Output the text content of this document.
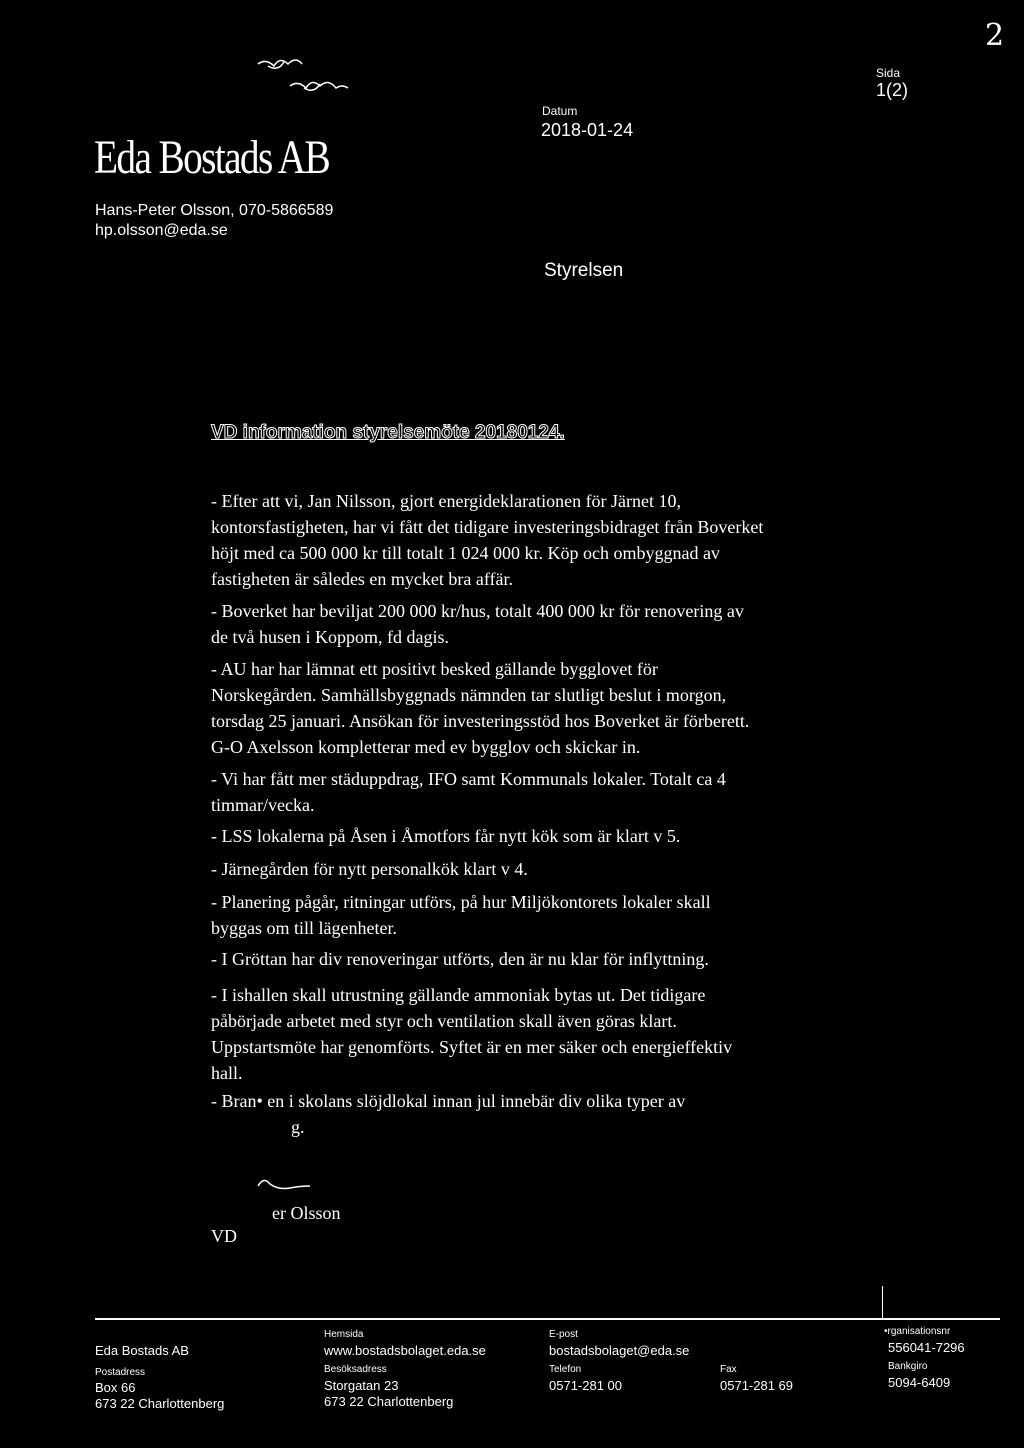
2
Eda Bostads AB
Hans-Peter Olsson, 070-5866589
hp.olsson@eda.se
Datum
2018-01-24
Sida
1(2)
Styrelsen
VD information styrelsemöte 20180124.
- Efter att vi, Jan Nilsson, gjort energideklarationen för Järnet 10,
kontorsfastigheten, har vi fått det tidigare investeringsbidraget från Boverket
höjt med ca 500 000 kr till totalt 1 024 000 kr. Köp och ombyggnad av
fastigheten är således en mycket bra affär.
- Boverket har beviljat 200 000 kr/hus, totalt 400 000 kr för renovering av
de två husen i Koppom, fd dagis.
- AU har har lämnat ett positivt besked gällande bygglovet för
Norskegården. Samhällsbyggnads nämnden tar slutligt beslut i morgon,
torsdag 25 januari. Ansökan för investeringsstöd hos Boverket är förberett.
G-O Axelsson kompletterar med ev bygglov och skickar in.
- Vi har fått mer städuppdrag, IFO samt Kommunals lokaler. Totalt ca 4
timmar/vecka.
- LSS lokalerna på Åsen i Åmotfors får nytt kök som är klart v 5.
- Järnegården för nytt personalkök klart v 4.
- Planering pågår, ritningar utförs, på hur Miljökontorets lokaler skall
byggas om till lägenheter.
- I Gröttan har div renoveringar utförts, den är nu klar för inflyttning.
- I ishallen skall utrustning gällande ammoniak bytas ut. Det tidigare
påbörjade arbetet med styr och ventilation skall även göras klart.
Uppstartsmöte har genomförts. Syftet är en mer säker och energieffektiv
hall.
- Bran• en i skolans slöjdlokal innan jul innebär div olika typer av
g.
er Olsson
VD
Eda Bostads AB
Postadress
Box 66
673 22 Charlottenberg
Hemsida
www.bostadsbolaget.eda.se
Besöksadress
Storgatan 23
673 22 Charlottenberg
E-post
bostadsbolaget@eda.se
Telefon
0571-281 00
Fax
0571-281 69
•rganisationsnr
556041-7296
Bankgiro
5094-6409
